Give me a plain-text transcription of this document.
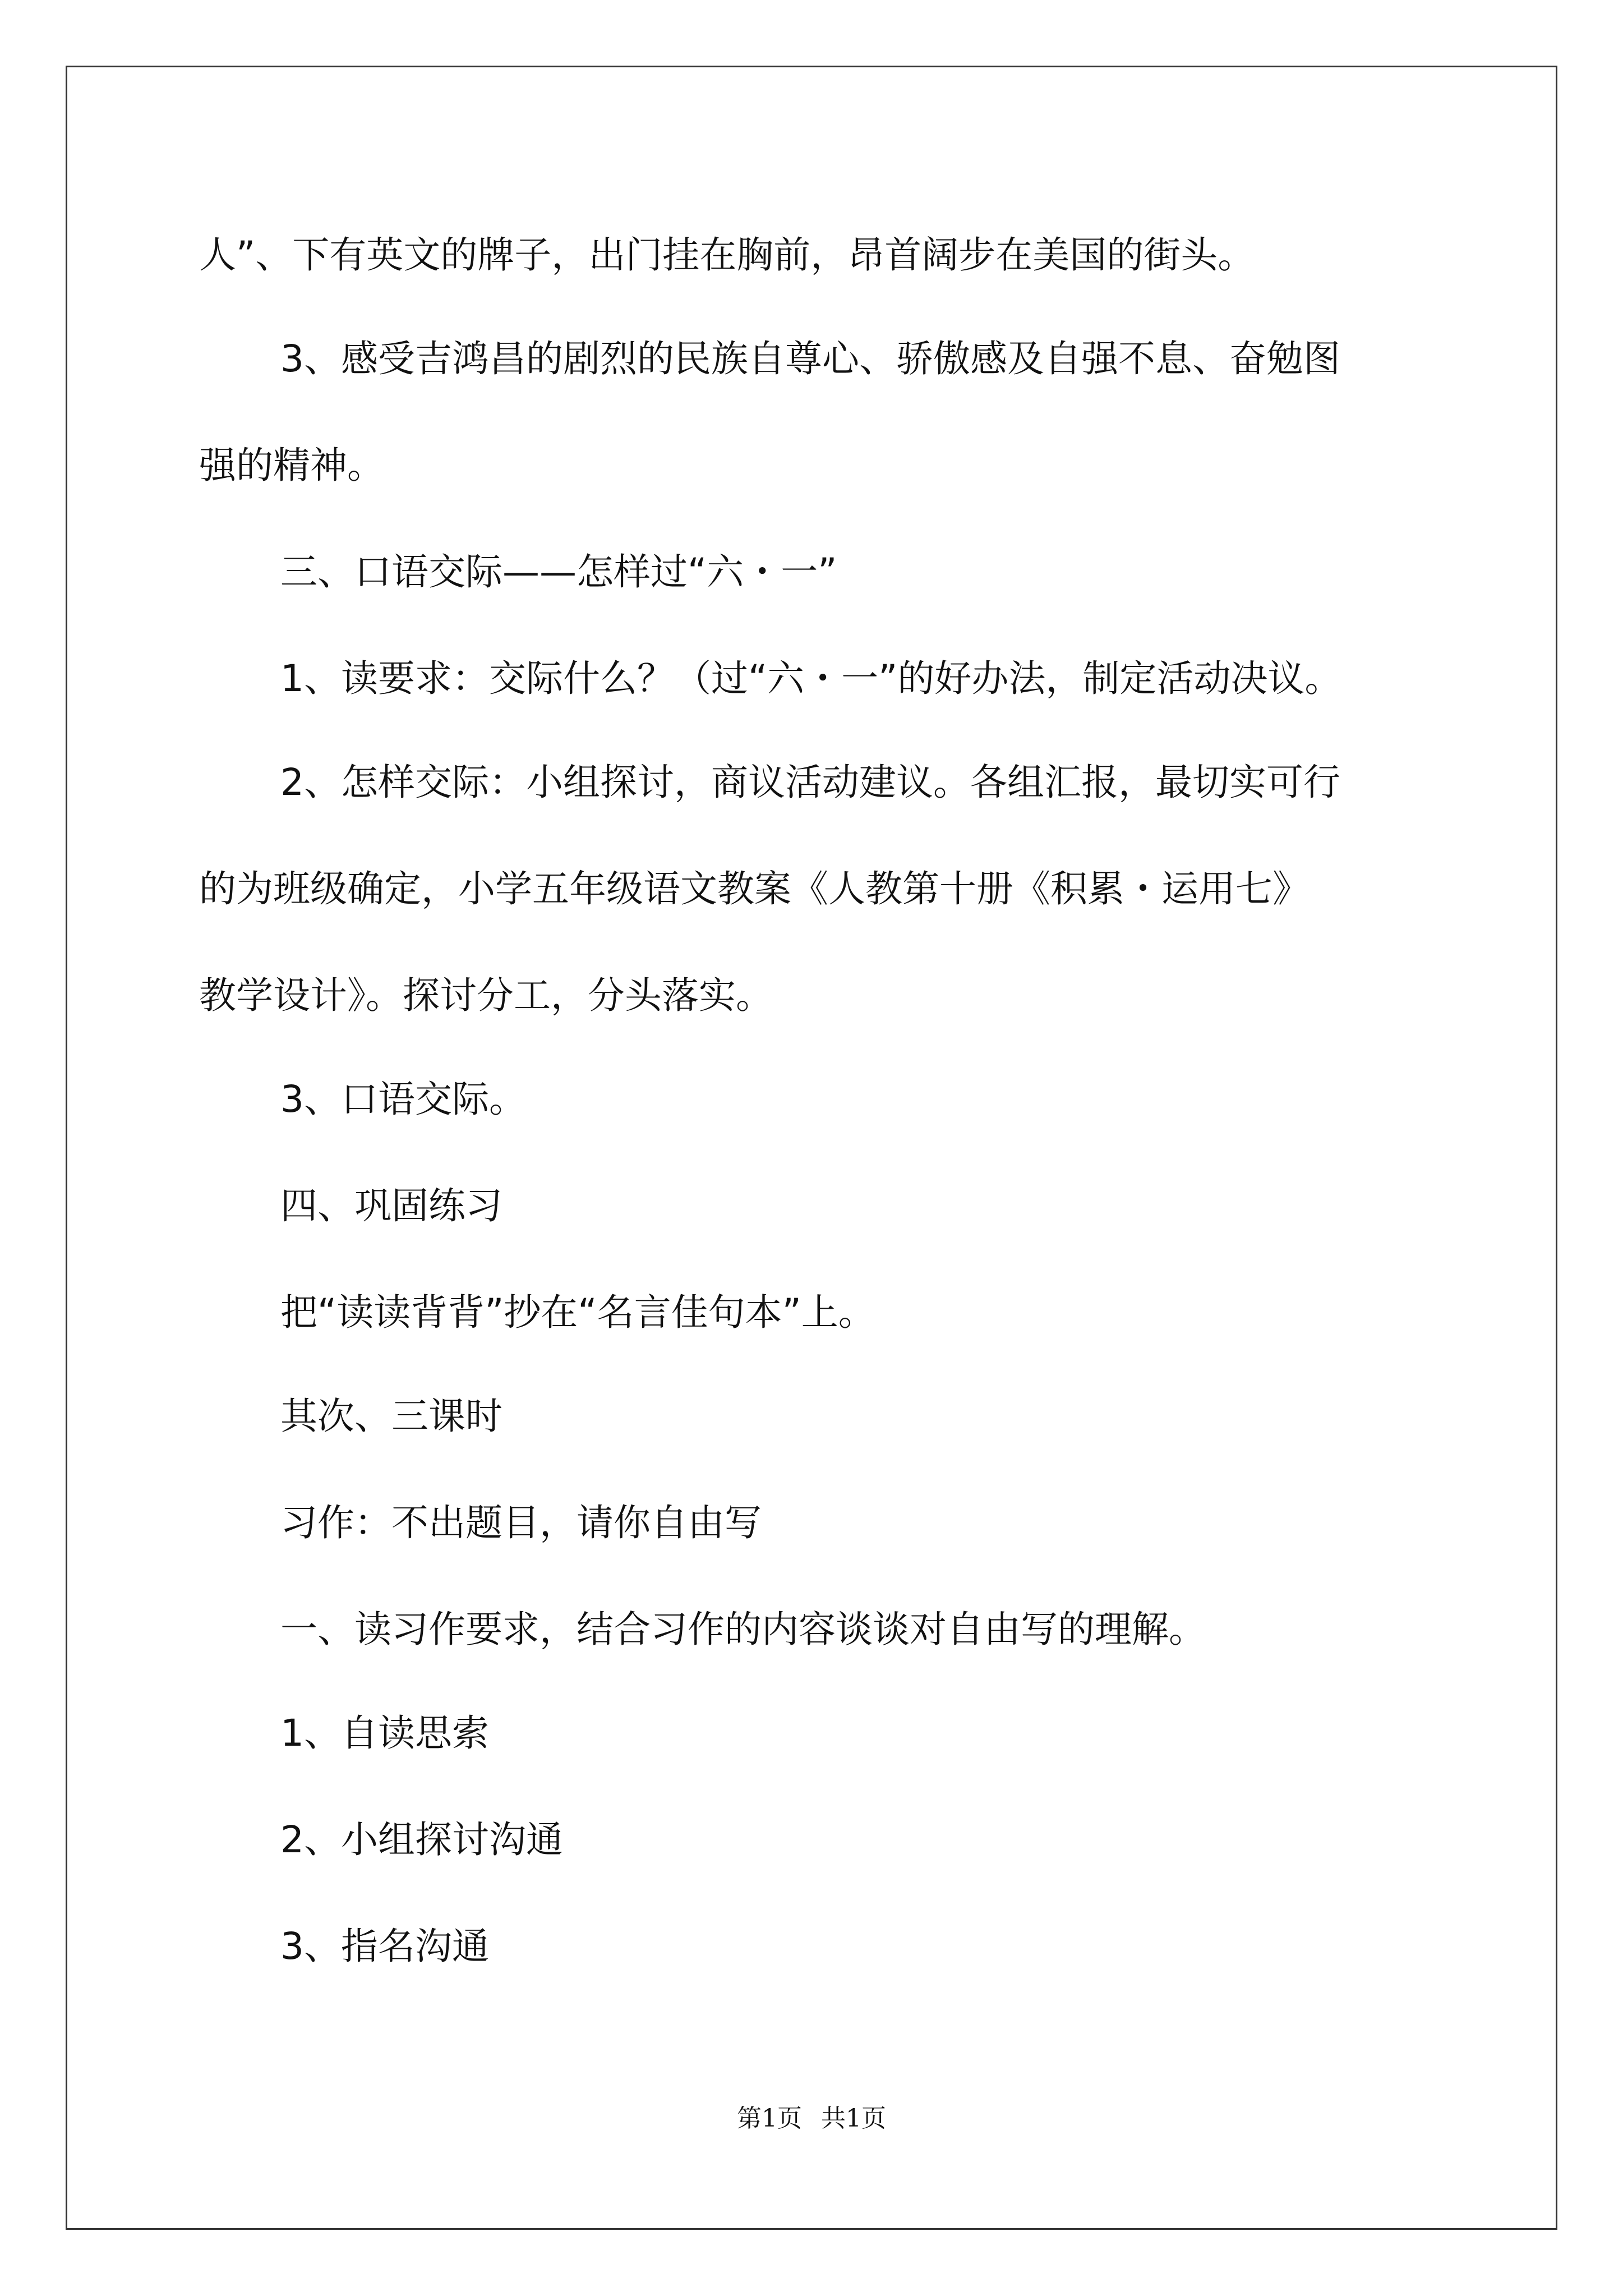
人”、下有英文的牌子，出门挂在胸前，昂首阔步在美国的街头。
3、感受吉鸿昌的剧烈的民族自尊心、骄傲感及自强不息、奋勉图
强的精神。
三、口语交际——怎样过“六・一”
1、读要求：交际什么？（过“六・一”的好办法，制定活动决议。
2、怎样交际：小组探讨，商议活动建议。各组汇报，最切实可行
的为班级确定，小学五年级语文教案《人教第十册《积累・运用七》
教学设计》。探讨分工，分头落实。
3、口语交际。
四、巩固练习
把“读读背背”抄在“名言佳句本”上。
其次、三课时
习作：不出题目，请你自由写
一、读习作要求，结合习作的内容谈谈对自由写的理解。
1、自读思索
2、小组探讨沟通
3、指名沟通
第1页 共1页
